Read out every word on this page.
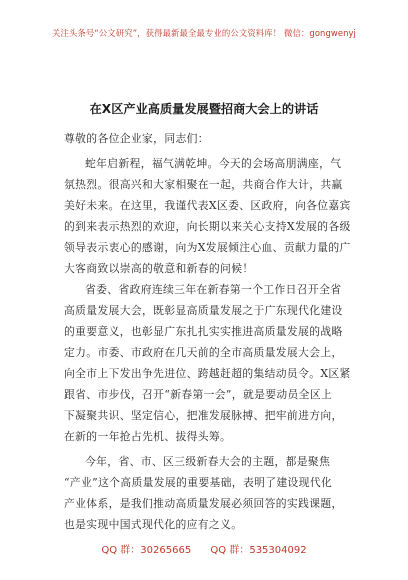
关注头条号“公文研究”，获得最新最全最专业的公文资料库！ 微信：gongwenyj
在X区产业高质量发展暨招商大会上的讲话
尊敬的各位企业家，同志们：
蛇年启新程，福气满乾坤。今天的会场高朋满座，气
氛热烈。很高兴和大家相聚在一起，共商合作大计，共赢
美好未来。在这里，我谨代表X区委、区政府，向各位嘉宾
的到来表示热烈的欢迎，向长期以来关心支持X发展的各级
领导表示衷心的感谢，向为X发展倾注心血、贡献力量的广
大客商致以崇高的敬意和新春的问候！
省委、省政府连续三年在新春第一个工作日召开全省
高质量发展大会，既彰显高质量发展之于广东现代化建设
的重要意义，也彰显广东扎扎实实推进高质量发展的战略
定力。市委、市政府在几天前的全市高质量发展大会上，
向全市上下发出争先进位、跨越赶超的集结动员令。X区紧
跟省、市步伐，召开“新春第一会”，就是要动员全区上
下凝聚共识、坚定信心，把准发展脉搏、把牢前进方向，
在新的一年抢占先机、拔得头筹。
今年，省、市、区三级新春大会的主题，都是聚焦
“产业”这个高质量发展的重要基础，表明了建设现代化
产业体系，是我们推动高质量发展必须回答的实践课题，
也是实现中国式现代化的应有之义。
QQ 群：30265665 QQ 群：535304092
